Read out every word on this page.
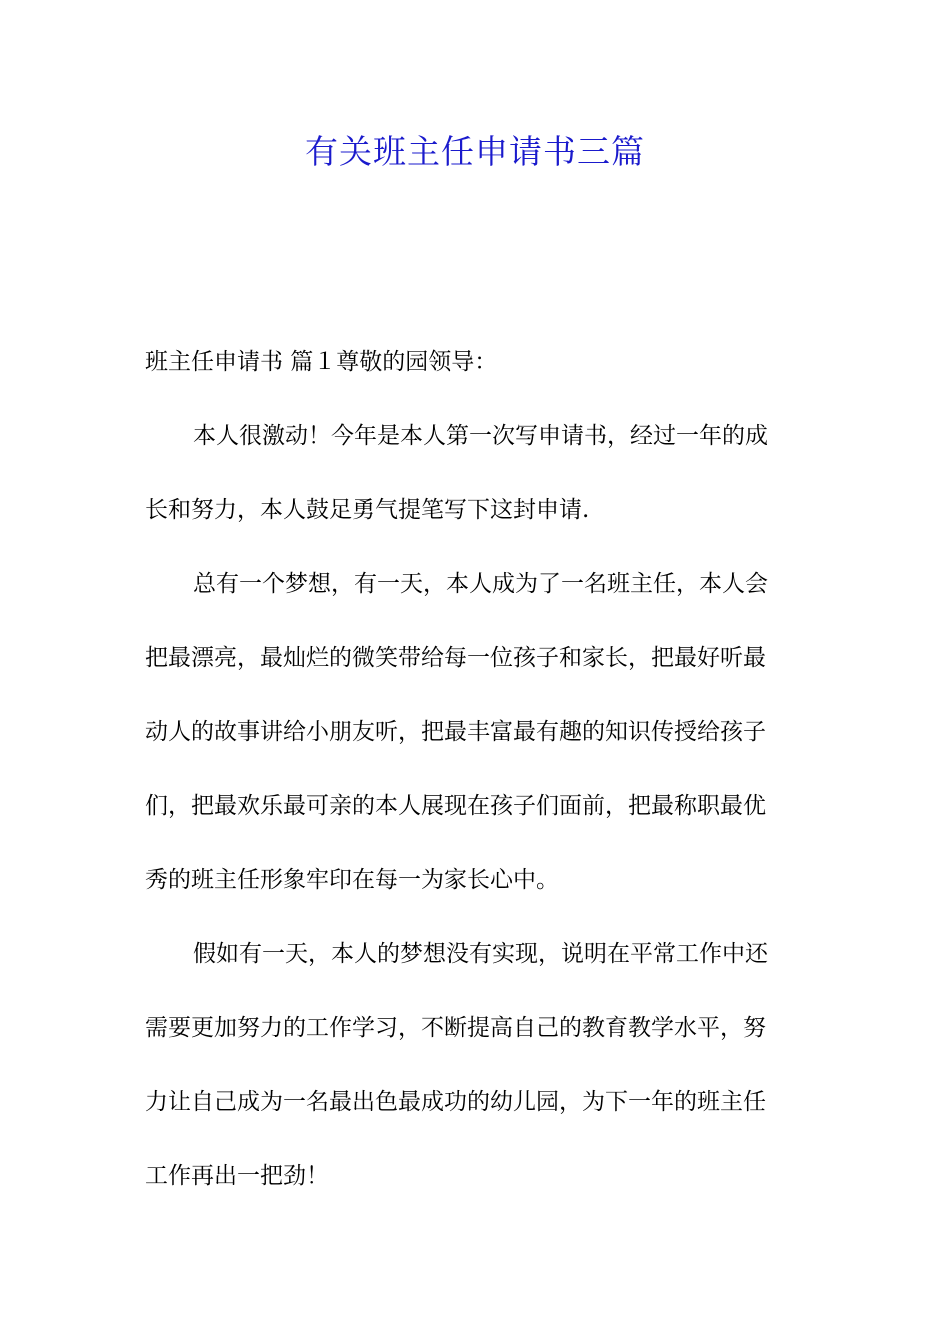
有关班主任申请书三篇
班主任申请书 篇１尊敬的园领导：
本人很激动！今年是本人第一次写申请书，经过一年的成
长和努力，本人鼓足勇气提笔写下这封申请.
总有一个梦想，有一天，本人成为了一名班主任，本人会
把最漂亮，最灿烂的微笑带给每一位孩子和家长，把最好听最
动人的故事讲给小朋友听，把最丰富最有趣的知识传授给孩子
们，把最欢乐最可亲的本人展现在孩子们面前，把最称职最优
秀的班主任形象牢印在每一为家长心中。
假如有一天，本人的梦想没有实现，说明在平常工作中还
需要更加努力的工作学习，不断提高自己的教育教学水平，努
力让自己成为一名最出色最成功的幼儿园，为下一年的班主任
工作再出一把劲！
